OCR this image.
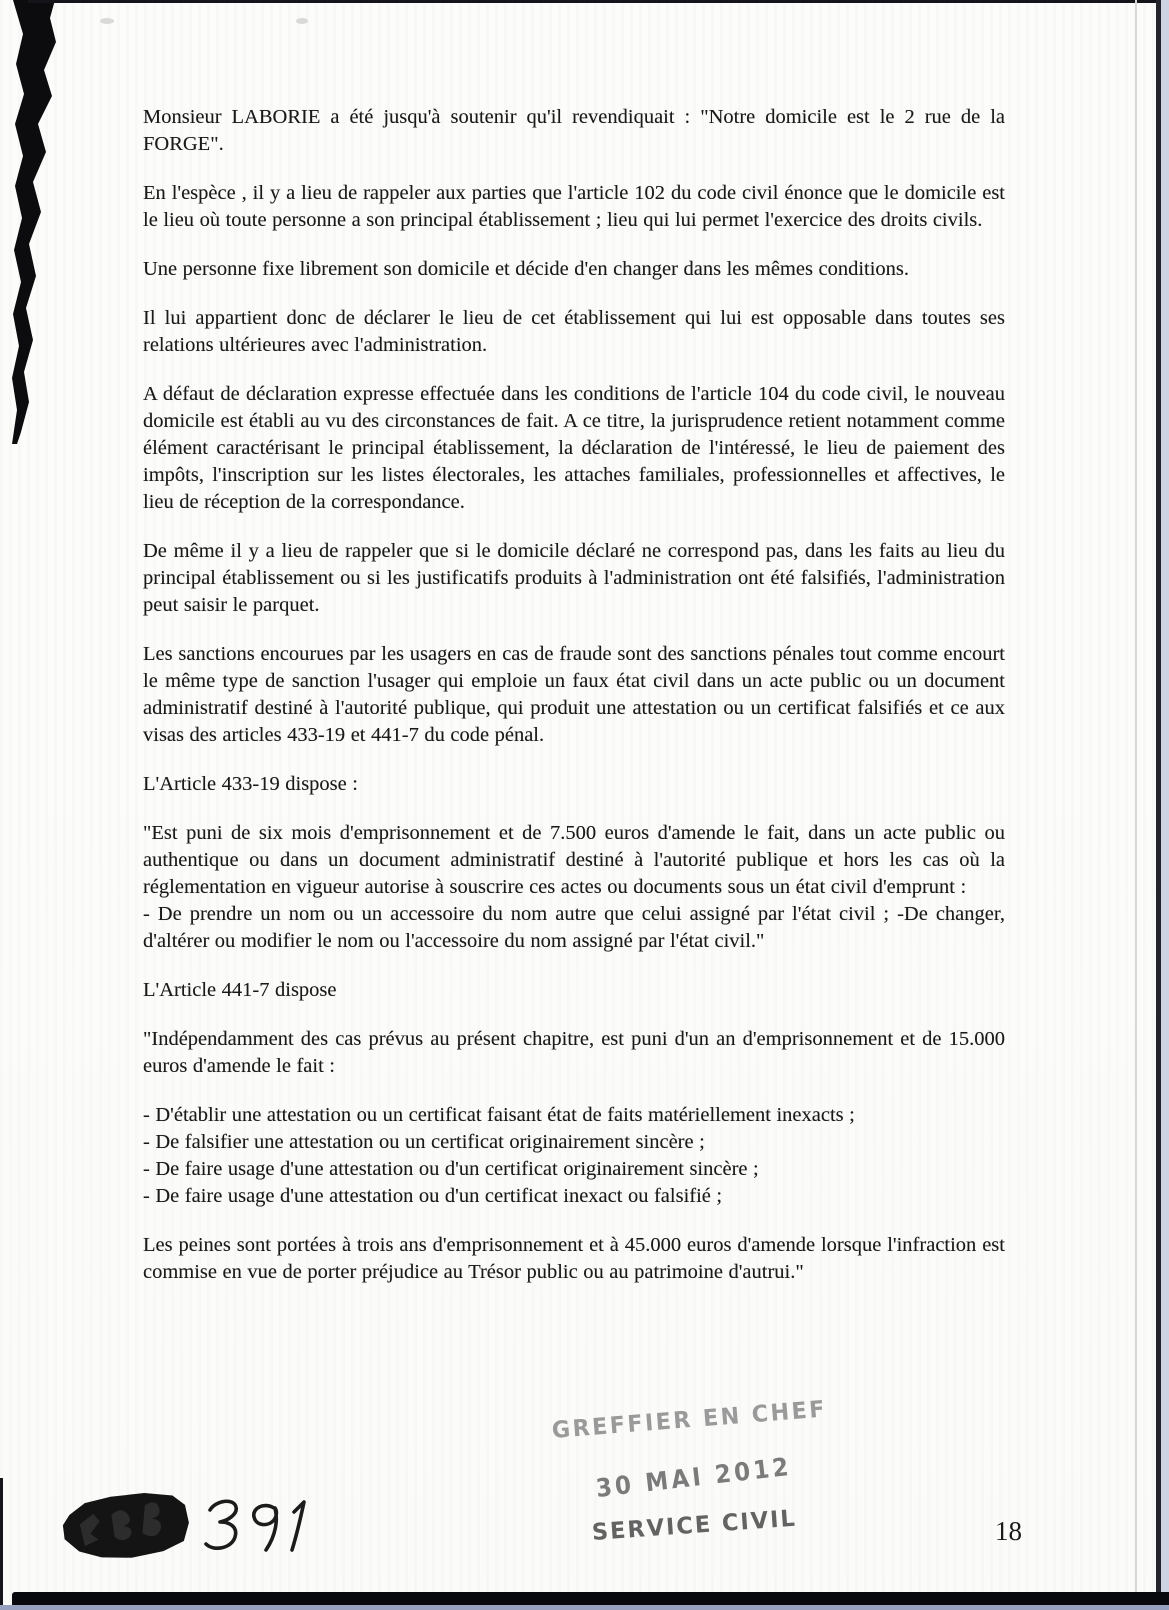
Monsieur LABORIE a été jusqu'à soutenir qu'il revendiquait : "Notre domicile est le 2 rue de la FORGE".

En l'espèce , il y a lieu de rappeler aux parties que l'article 102 du code civil énonce que le domicile est le lieu où toute personne a son principal établissement ; lieu qui lui permet l'exercice des droits civils.

Une personne fixe librement son domicile et décide d'en changer dans les mêmes conditions.

Il lui appartient donc de déclarer le lieu de cet établissement qui lui est opposable dans toutes ses relations ultérieures avec l'administration.

A défaut de déclaration expresse effectuée dans les conditions de l'article 104 du code civil, le nouveau domicile est établi au vu des circonstances de fait. A ce titre, la jurisprudence retient notamment comme élément caractérisant le principal établissement, la déclaration de l'intéressé, le lieu de paiement des impôts, l'inscription sur les listes électorales, les attaches familiales, professionnelles et affectives, le lieu de réception de la correspondance.

De même il y a lieu de rappeler que si le domicile déclaré ne correspond pas, dans les faits au lieu du principal établissement ou si les justificatifs produits à l'administration ont été falsifiés, l'administration peut saisir le parquet.

Les sanctions encourues par les usagers en cas de fraude sont des sanctions pénales tout comme encourt le même type de sanction l'usager qui emploie un faux état civil dans un acte public ou un document administratif destiné à l'autorité publique, qui produit une attestation ou un certificat falsifiés et ce aux visas des articles 433-19 et 441-7 du code pénal.

L'Article 433-19 dispose :

"Est puni de six mois d'emprisonnement et de 7.500 euros d'amende le fait, dans un acte public ou authentique ou dans un document administratif destiné à l'autorité publique et hors les cas où la réglementation en vigueur autorise à souscrire ces actes ou documents sous un état civil d'emprunt :

- De prendre un nom ou un accessoire du nom autre que celui assigné par l'état civil ; -De changer, d'altérer ou modifier le nom ou l'accessoire du nom assigné par l'état civil."

L'Article 441-7 dispose

"Indépendamment des cas prévus au présent chapitre, est puni d'un an d'emprisonnement et de 15.000 euros d'amende le fait :

- D'établir une attestation ou un certificat faisant état de faits matériellement inexacts ;

- De falsifier une attestation ou un certificat originairement sincère ;

- De faire usage d'une attestation ou d'un certificat originairement sincère ;

- De faire usage d'une attestation ou d'un certificat inexact ou falsifié ;

Les peines sont portées à trois ans d'emprisonnement et à 45.000 euros d'amende lorsque l'infraction est commise en vue de porter préjudice au Trésor public ou au patrimoine d'autrui."

GREFFIER EN CHEF
30 MAI 2012
SERVICE CIVIL	18
